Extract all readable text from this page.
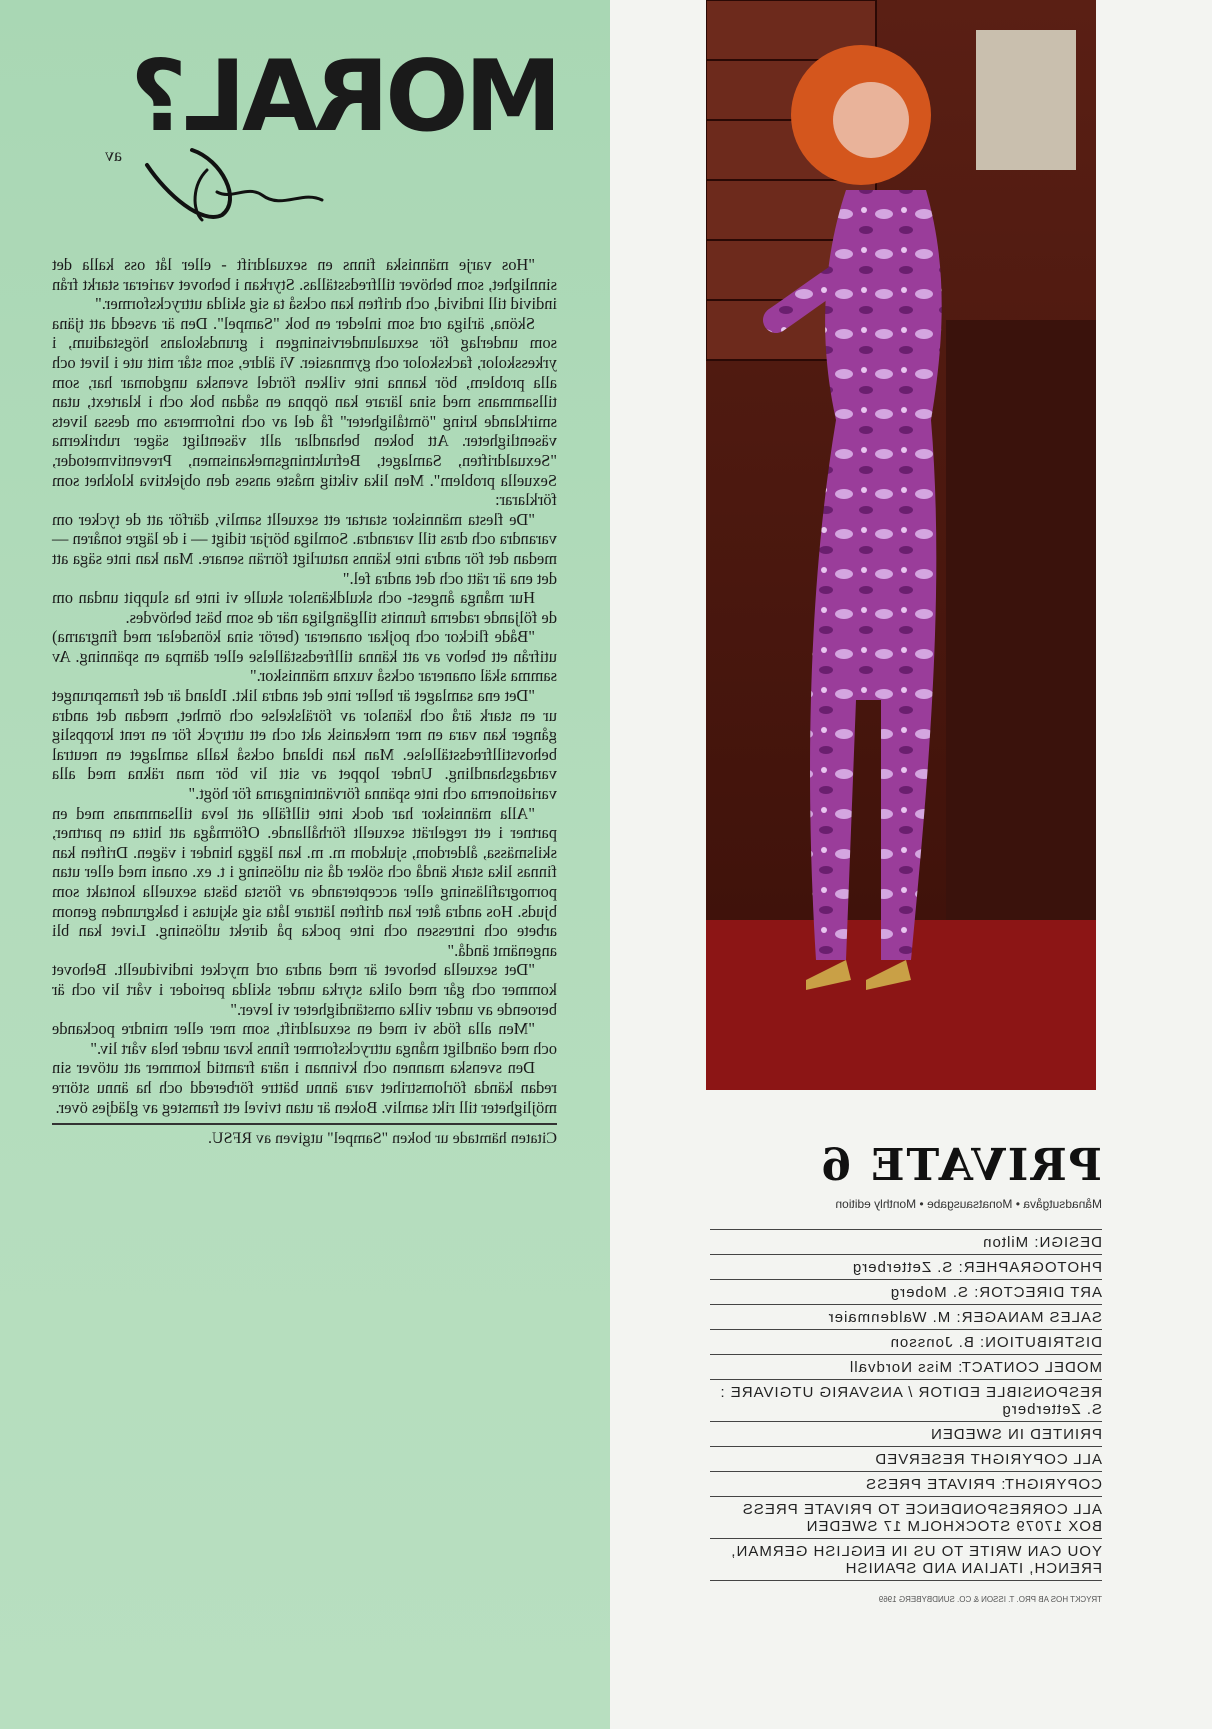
MORAL?
av

"Hos varje människa finns en sexualdrift - eller låt oss kalla det sinnlighet, som behöver tillfredsställas. Styrkan i behovet varierar starkt från individ till individ, och driften kan också ta sig skilda uttrycksformer."

Sköna, ärliga ord som inleder en bok "Sampel". Den är avsedd att tjäna som underlag för sexualundervisningen i grundskolans högstadium, i yrkesskolor, fackskolor och gymnasier. Vi äldre, som står mitt ute i livet och alla problem, bör kanna inte vilken fördel svenska ungdomar har, som tillsammans med sina lärare kan öppna en sådan bok och i klartext, utan smirklande kring "ömtåligheter" få del av och informeras om dessa livets väsentligheter. Att boken behandlar allt väsentligt säger rubrikerna "Sexualdriften, Samlaget, Befruktningsmekanismen, Preventivmetoder, Sexuella problem". Men lika viktig måste anses den objektiva klokhet som förklarar:

"De flesta människor startar ett sexuellt samliv, därför att de tycker om varandra och dras till varandra. Somliga börjar tidigt — i de lägre tonåren — medan det för andra inte känns naturligt förrän senare. Man kan inte säga att det ena är rätt och det andra fel."

Hur många ångest- och skuldkänslor skulle vi inte ha sluppit undan om de följande raderna funnits tillgängliga när de som bäst behövdes.

"Både flickor och pojkar onanerar (berör sina könsdelar med fingrarna) utifrån ett behov av att känna tillfredsställelse eller dämpa en spänning. Av samma skäl onanerar också vuxna människor."

"Det ena samlaget är heller inte det andra likt. Ibland är det framsprunget ur en stark ärå och känslor av förälskelse och ömhet, medan det andra gånger kan vara en mer mekanisk akt och ett uttryck för en rent kroppslig behovstillfredsställelse. Man kan ibland också kalla samlaget en neutral vardagshandling. Under loppet av sitt liv bör man räkna med alla variationerna och inte spänna förväntningarna för högt."

"Alla människor har dock inte tillfälle att leva tillsammans med en partner i ett regelrätt sexuellt förhållande. Oförmåga att hitta en partner, skilsmässa, ålderdom, sjukdom m. m. kan lägga hinder i vägen. Driften kan finnas lika stark ändå och söker då sin utlösning i t. ex. onani med eller utan pornografiläsning eller accepterande av första bästa sexuella kontakt som bjuds. Hos andra åter kan driften lättare låta sig skjutas i bakgrunden genom arbete och intressen och inte pocka på direkt utlösning. Livet kan bli angenämt ändå."

"Det sexuella behovet är med andra ord mycket individuellt. Behovet kommer och går med olika styrka under skilda perioder i vårt liv och är beroende av under vilka omständigheter vi lever."

"Men alla föds vi med en sexualdrift, som mer eller mindre pockande och med oändligt många uttrycksformer finns kvar under hela vårt liv."

Den svenska mannen och kvinnan i nära framtid kommer att utöver sin redan kända förlomstrihet vara ännu bättre förberedd och ha ännu större möjligheter till rikt samliv. Boken är utan tvivel ett framsteg av glädjes över.

Citaten hämtade ur boken "Sampel" utgiven av RFSU.
PRIVATE 6
Månadsutgåva • Monatsausgabe • Monthly edition
DESIGN: Milton
PHOTOGRAPHER: S. Zetterberg
ART DIRECTOR: S. Moberg
SALES MANAGER: M. Waldenmaier
DISTRIBUTION: B. Jonsson
MODEL CONTACT: Miss Nordvall
RESPONSIBLE EDITOR / ANSVARIG UTGIVARE : S. Zetterberg
PRINTED IN SWEDEN
ALL COPYRIGHT RESERVED
COPYRIGHT: PRIVATE PRESS
ALL CORRESPONDENCE TO PRIVATE PRESS BOX 17079 STOCKHOLM 17 SWEDEN
YOU CAN WRITE TO US IN ENGLISH GERMAN, FRENCH, ITALIAN AND SPANISH
TRYCKT HOS AB PRO. T. ISSON & CO. SUNDBYBERG 1969
